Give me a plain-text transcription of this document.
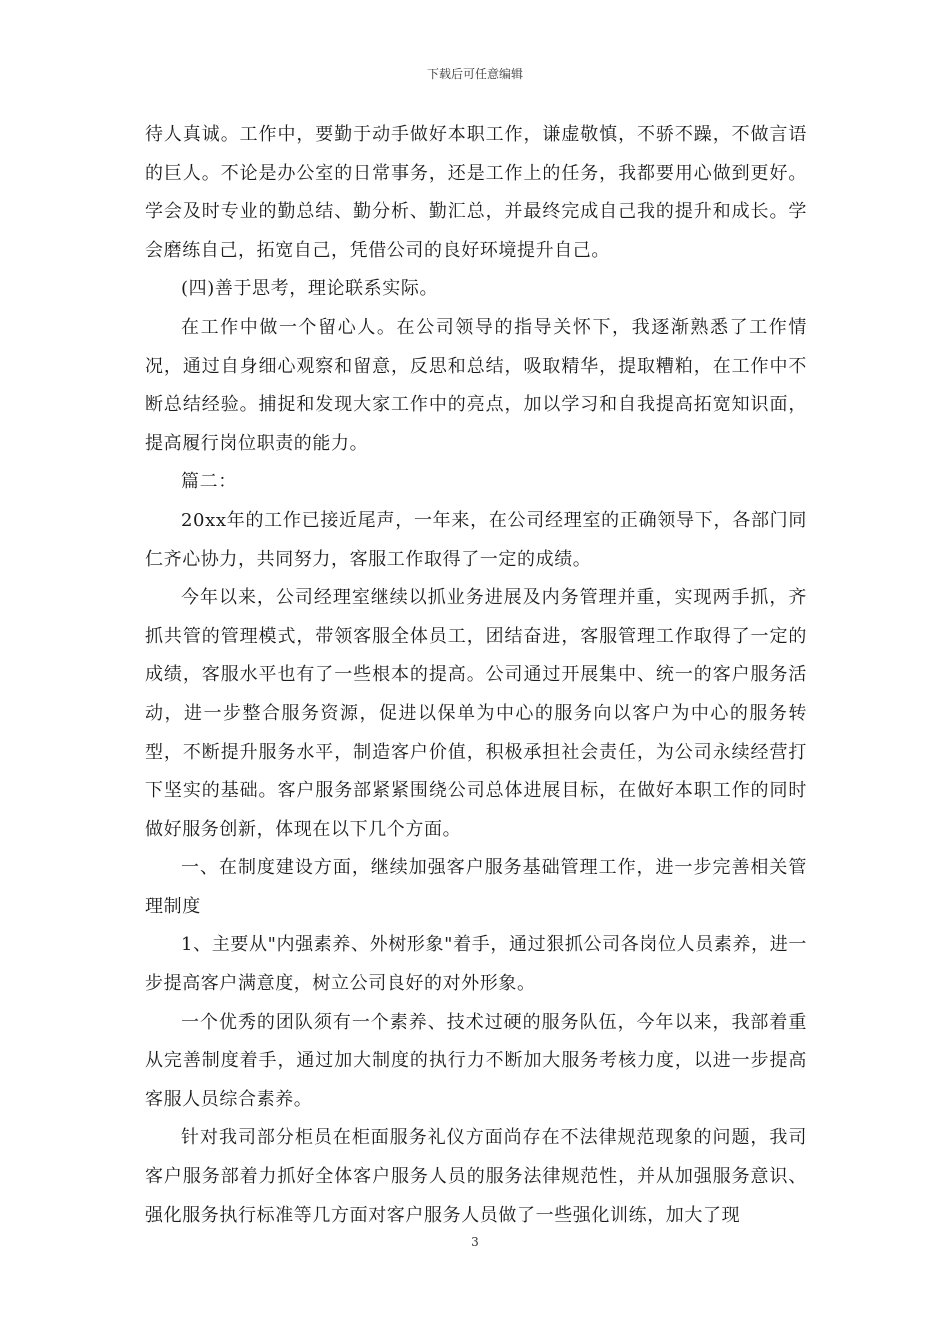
下载后可任意编辑

待人真诚。工作中，要勤于动手做好本职工作，谦虚敬慎，不骄不躁，不做言语的巨人。不论是办公室的日常事务，还是工作上的任务，我都要用心做到更好。学会及时专业的勤总结、勤分析、勤汇总，并最终完成自己我的提升和成长。学会磨练自己，拓宽自己，凭借公司的良好环境提升自己。

(四)善于思考，理论联系实际。

在工作中做一个留心人。在公司领导的指导关怀下，我逐渐熟悉了工作情况，通过自身细心观察和留意，反思和总结，吸取精华，提取糟粕，在工作中不断总结经验。捕捉和发现大家工作中的亮点，加以学习和自我提高拓宽知识面，提高履行岗位职责的能力。

篇二：

20xx年的工作已接近尾声，一年来，在公司经理室的正确领导下，各部门同仁齐心协力，共同努力，客服工作取得了一定的成绩。

今年以来，公司经理室继续以抓业务进展及内务管理并重，实现两手抓，齐抓共管的管理模式，带领客服全体员工，团结奋进，客服管理工作取得了一定的成绩，客服水平也有了一些根本的提高。公司通过开展集中、统一的客户服务活动，进一步整合服务资源，促进以保单为中心的服务向以客户为中心的服务转型，不断提升服务水平，制造客户价值，积极承担社会责任，为公司永续经营打下坚实的基础。客户服务部紧紧围绕公司总体进展目标，在做好本职工作的同时做好服务创新，体现在以下几个方面。

一、在制度建设方面，继续加强客户服务基础管理工作，进一步完善相关管理制度

1、主要从"内强素养、外树形象"着手，通过狠抓公司各岗位人员素养，进一步提高客户满意度，树立公司良好的对外形象。

一个优秀的团队须有一个素养、技术过硬的服务队伍，今年以来，我部着重从完善制度着手，通过加大制度的执行力不断加大服务考核力度，以进一步提高客服人员综合素养。

针对我司部分柜员在柜面服务礼仪方面尚存在不法律规范现象的问题，我司客户服务部着力抓好全体客户服务人员的服务法律规范性，并从加强服务意识、强化服务执行标准等几方面对客户服务人员做了一些强化训练，加大了现

3
